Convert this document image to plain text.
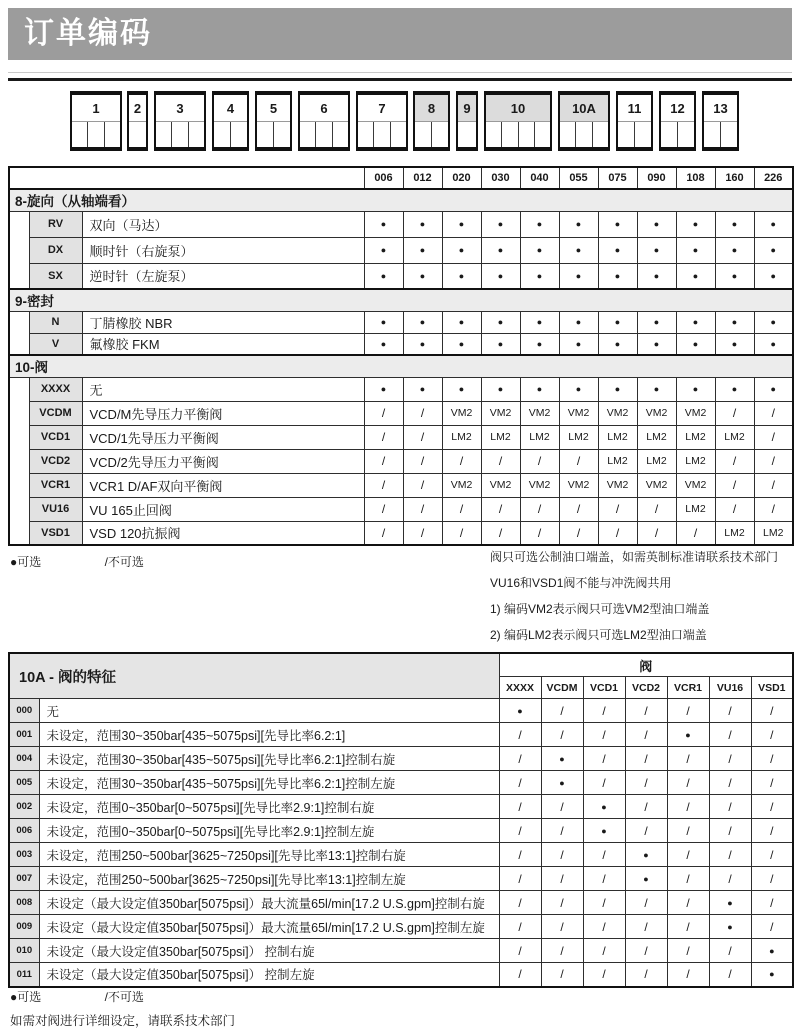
订单编码
1	2	3	4	5	6	7	8	9	10	10A	11	12	13
			006	012	020	030	040	055	075	090	108	160	226
8-旋向（从轴端看）													
	RV	双向（马达）	●	●	●	●	●	●	●	●	●	●	●
	DX	顺时针（右旋泵）	●	●	●	●	●	●	●	●	●	●	●
	SX	逆时针（左旋泵）	●	●	●	●	●	●	●	●	●	●	●
9-密封													
	N	丁腈橡胶 NBR	●	●	●	●	●	●	●	●	●	●	●
	V	氟橡胶 FKM	●	●	●	●	●	●	●	●	●	●	●
10-阀													
	XXXX	无	●	●	●	●	●	●	●	●	●	●	●
	VCDM	VCD/M先导压力平衡阀	/	/	VM2	VM2	VM2	VM2	VM2	VM2	VM2	/	/
	VCD1	VCD/1先导压力平衡阀	/	/	LM2	LM2	LM2	LM2	LM2	LM2	LM2	LM2	/
	VCD2	VCD/2先导压力平衡阀	/	/	/	/	/	/	LM2	LM2	LM2	/	/
	VCR1	VCR1 D/AF双向平衡阀	/	/	VM2	VM2	VM2	VM2	VM2	VM2	VM2	/	/
	VU16	VU 165止回阀	/	/	/	/	/	/	/	/	LM2	/	/
	VSD1	VSD 120抗振阀	/	/	/	/	/	/	/	/	/	LM2	LM2
●可选	/不可选	阀只可选公制油口端盖，如需英制标准请联系技术部门
VU16和VSD1阀不能与冲洗阀共用
1) 编码VM2表示阀只可选VM2型油口端盖
2) 编码LM2表示阀只可选LM2型油口端盖
10A - 阀的特征		阀						
		XXXX	VCDM	VCD1	VCD2	VCR1	VU16	VSD1
000	无	●	/	/	/	/	/	/
001	未设定，范围30~350bar[435~5075psi][先导比率6.2:1]	/	/	/	/	●	/	/
004	未设定，范围30~350bar[435~5075psi][先导比率6.2:1]控制右旋	/	●	/	/	/	/	/
005	未设定，范围30~350bar[435~5075psi][先导比率6.2:1]控制左旋	/	●	/	/	/	/	/
002	未设定，范围0~350bar[0~5075psi][先导比率2.9:1]控制右旋	/	/	●	/	/	/	/
006	未设定，范围0~350bar[0~5075psi][先导比率2.9:1]控制左旋	/	/	●	/	/	/	/
003	未设定，范围250~500bar[3625~7250psi][先导比率13:1]控制右旋	/	/	/	●	/	/	/
007	未设定，范围250~500bar[3625~7250psi][先导比率13:1]控制左旋	/	/	/	●	/	/	/
008	未设定（最大设定值350bar[5075psi]）最大流量65l/min[17.2 U.S.gpm]控制右旋	/	/	/	/	/	●	/
009	未设定（最大设定值350bar[5075psi]）最大流量65l/min[17.2 U.S.gpm]控制左旋	/	/	/	/	/	●	/
010	未设定（最大设定值350bar[5075psi]） 控制右旋	/	/	/	/	/	/	●
011	未设定（最大设定值350bar[5075psi]） 控制左旋	/	/	/	/	/	/	●
●可选	/不可选
如需对阀进行详细设定，请联系技术部门
